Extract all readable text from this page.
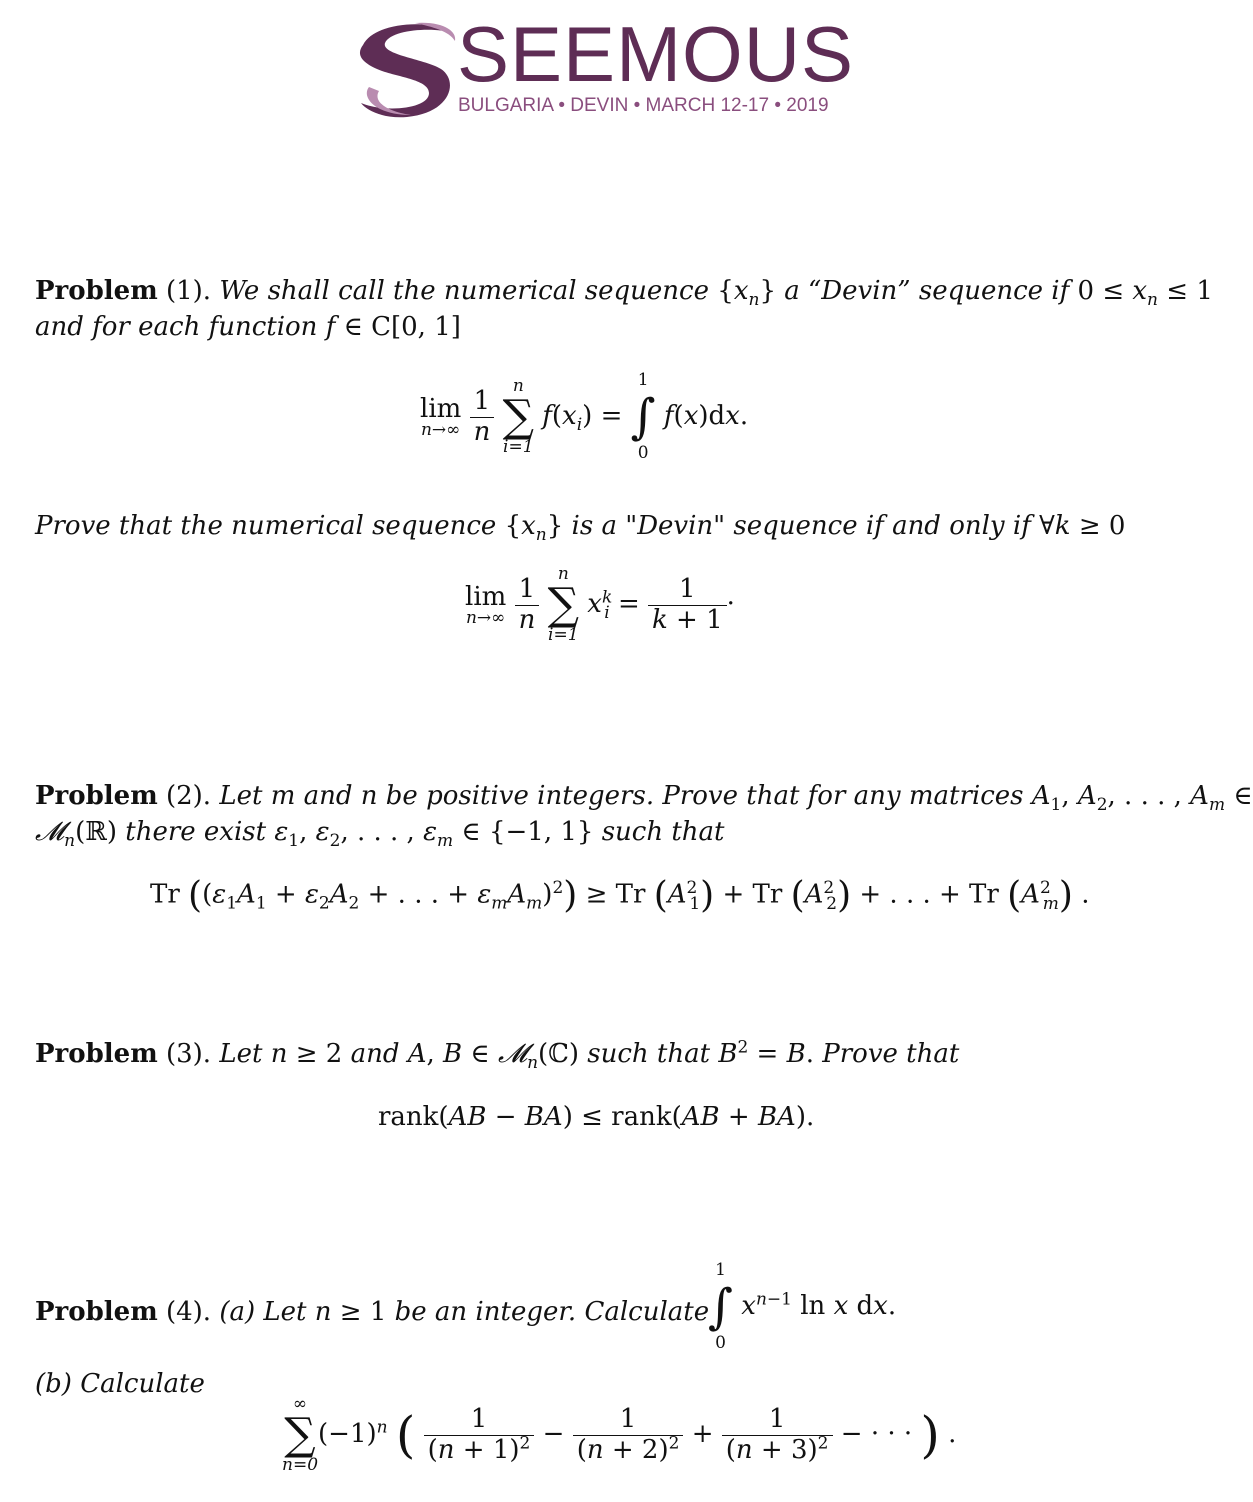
SEEMOUS
BULGARIA • DEVIN • MARCH 12-17 • 2019
Problem (1). We shall call the numerical sequence $\{x_n\}$ a “Devin” sequence if $0 \le x_n \le 1$
and for each function f ∈ C[0, 1]
lim
n→∞
$\frac{1}{n}$

n
∑
i=1
$f(x_i)$ =
1
∫
0
f(x)dx.
Prove that the numerical sequence $\{x_n\}$ is a "Devin" sequence if and only if ∀k ≥ 0
lim
n→∞
$\frac{1}{n}$

n
∑
i=1
$x^k_i = \frac{1}{k + 1}$ ·
Problem (2). Let m and n be positive integers. Prove that for any matrices $A_1$, $A_2$, . . . , $A_m$ ∈
𝓜$_n$(ℝ) there exist $\varepsilon_1$, $\varepsilon_2$, . . . , $\varepsilon_m$ ∈ {−1, 1} such that
Tr (($\varepsilon_1A_1 + \varepsilon_2A_2$ + . . . + $\varepsilon_mA_m)^2) \ge Tr$ $(A^2_1) + Tr$ $(A^2_2)$ + . . . + Tr $(A^2_m)$ .
Problem (3). Let n ≥ 2 and A, B ∈ 𝓜$_n$(ℂ) such that $B^2 = B$. Prove that
rank(AB − BA) ≤ rank(AB + BA).
Problem (4). (a) Let n ≥ 1 be an integer. Calculate
1
∫
0
$x^{n-1}$ ln x dx.
(b) Calculate
∞
∑
n=0
$(-1)^n$ ( $\frac{1}{(n + 1)^2} - \frac{1}{(n + 2)^2} + \frac{1}{(n + 3)^2}$ − · · · ) .
